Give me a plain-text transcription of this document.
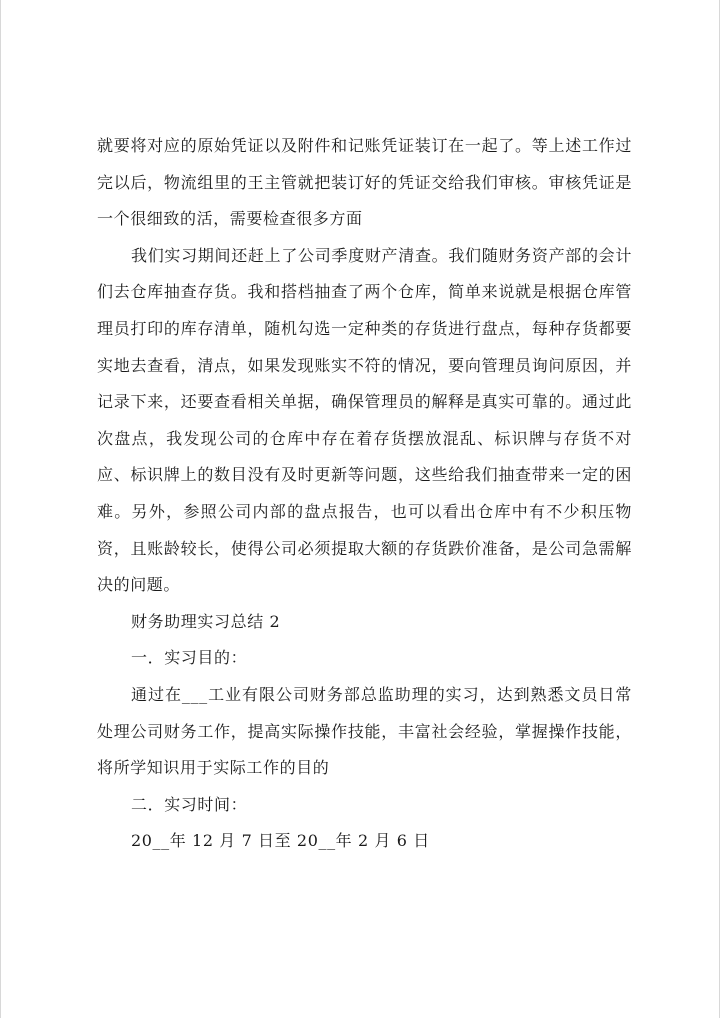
就要将对应的原始凭证以及附件和记账凭证装订在一起了。等上述工作过完以后，物流组里的王主管就把装订好的凭证交给我们审核。审核凭证是一个很细致的活，需要检查很多方面

我们实习期间还赶上了公司季度财产清查。我们随财务资产部的会计们去仓库抽查存货。我和搭档抽查了两个仓库，简单来说就是根据仓库管理员打印的库存清单，随机勾选一定种类的存货进行盘点，每种存货都要实地去查看，清点，如果发现账实不符的情况，要向管理员询问原因，并记录下来，还要查看相关单据，确保管理员的解释是真实可靠的。通过此次盘点，我发现公司的仓库中存在着存货摆放混乱、标识牌与存货不对应、标识牌上的数目没有及时更新等问题，这些给我们抽查带来一定的困难。另外，参照公司内部的盘点报告，也可以看出仓库中有不少积压物资，且账龄较长，使得公司必须提取大额的存货跌价准备，是公司急需解决的问题。

财务助理实习总结 2

一．实习目的：

通过在___工业有限公司财务部总监助理的实习，达到熟悉文员日常处理公司财务工作，提高实际操作技能，丰富社会经验，掌握操作技能，将所学知识用于实际工作的目的

二．实习时间：

20__年 12 月 7 日至 20__年 2 月 6 日
